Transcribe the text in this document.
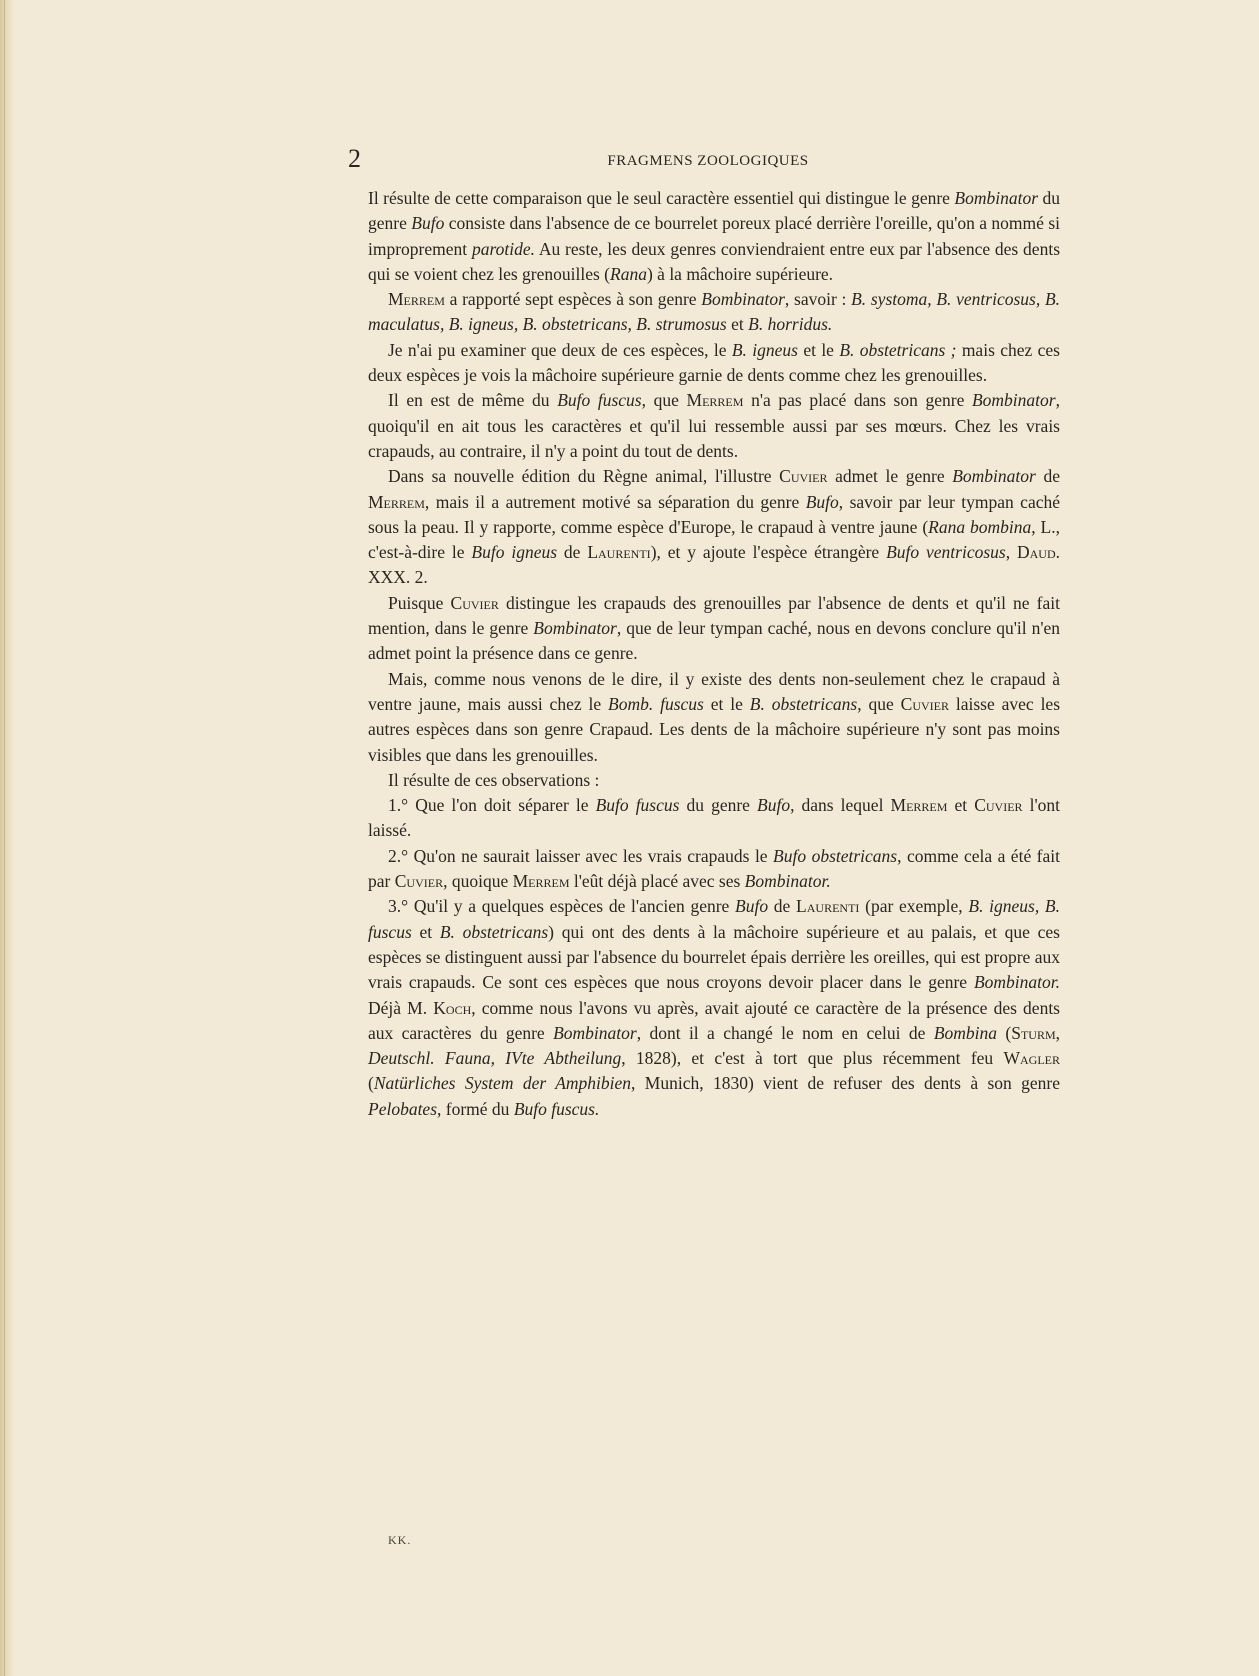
2	FRAGMENS ZOOLOGIQUES

Il résulte de cette comparaison que le seul caractère essentiel qui distingue le genre Bombinator du genre Bufo consiste dans l'absence de ce bourrelet poreux placé derrière l'oreille, qu'on a nommé si improprement parotide. Au reste, les deux genres conviendraient entre eux par l'absence des dents qui se voient chez les grenouilles (Rana) à la mâchoire supérieure.

Merrem a rapporté sept espèces à son genre Bombinator, savoir : B. systoma, B. ventricosus, B. maculatus, B. igneus, B. obstetricans, B. strumosus et B. horridus.

Je n'ai pu examiner que deux de ces espèces, le B. igneus et le B. obstetricans ; mais chez ces deux espèces je vois la mâchoire supérieure garnie de dents comme chez les grenouilles.

Il en est de même du Bufo fuscus, que Merrem n'a pas placé dans son genre Bombinator, quoiqu'il en ait tous les caractères et qu'il lui ressemble aussi par ses mœurs. Chez les vrais crapauds, au contraire, il n'y a point du tout de dents.

Dans sa nouvelle édition du Règne animal, l'illustre Cuvier admet le genre Bombinator de Merrem, mais il a autrement motivé sa séparation du genre Bufo, savoir par leur tympan caché sous la peau. Il y rapporte, comme espèce d'Europe, le crapaud à ventre jaune (Rana bombina, L., c'est-à-dire le Bufo igneus de Laurenti), et y ajoute l'espèce étrangère Bufo ventricosus, Daud. XXX. 2.

Puisque Cuvier distingue les crapauds des grenouilles par l'absence de dents et qu'il ne fait mention, dans le genre Bombinator, que de leur tympan caché, nous en devons conclure qu'il n'en admet point la présence dans ce genre.

Mais, comme nous venons de le dire, il y existe des dents non-seulement chez le crapaud à ventre jaune, mais aussi chez le Bomb. fuscus et le B. obstetricans, que Cuvier laisse avec les autres espèces dans son genre Crapaud. Les dents de la mâchoire supérieure n'y sont pas moins visibles que dans les grenouilles.

Il résulte de ces observations :

1.° Que l'on doit séparer le Bufo fuscus du genre Bufo, dans lequel Merrem et Cuvier l'ont laissé.

2.° Qu'on ne saurait laisser avec les vrais crapauds le Bufo obstetricans, comme cela a été fait par Cuvier, quoique Merrem l'eût déjà placé avec ses Bombinator.

3.° Qu'il y a quelques espèces de l'ancien genre Bufo de Laurenti (par exemple, B. igneus, B. fuscus et B. obstetricans) qui ont des dents à la mâchoire supérieure et au palais, et que ces espèces se distinguent aussi par l'absence du bourrelet épais derrière les oreilles, qui est propre aux vrais crapauds. Ce sont ces espèces que nous croyons devoir placer dans le genre Bombinator. Déjà M. Koch, comme nous l'avons vu après, avait ajouté ce caractère de la présence des dents aux caractères du genre Bombinator, dont il a changé le nom en celui de Bombina (Sturm, Deutschl. Fauna, IVte Abtheilung, 1828), et c'est à tort que plus récemment feu Wagler (Natürliches System der Amphibien, Munich, 1830) vient de refuser des dents à son genre Pelobates, formé du Bufo fuscus.

KK.
